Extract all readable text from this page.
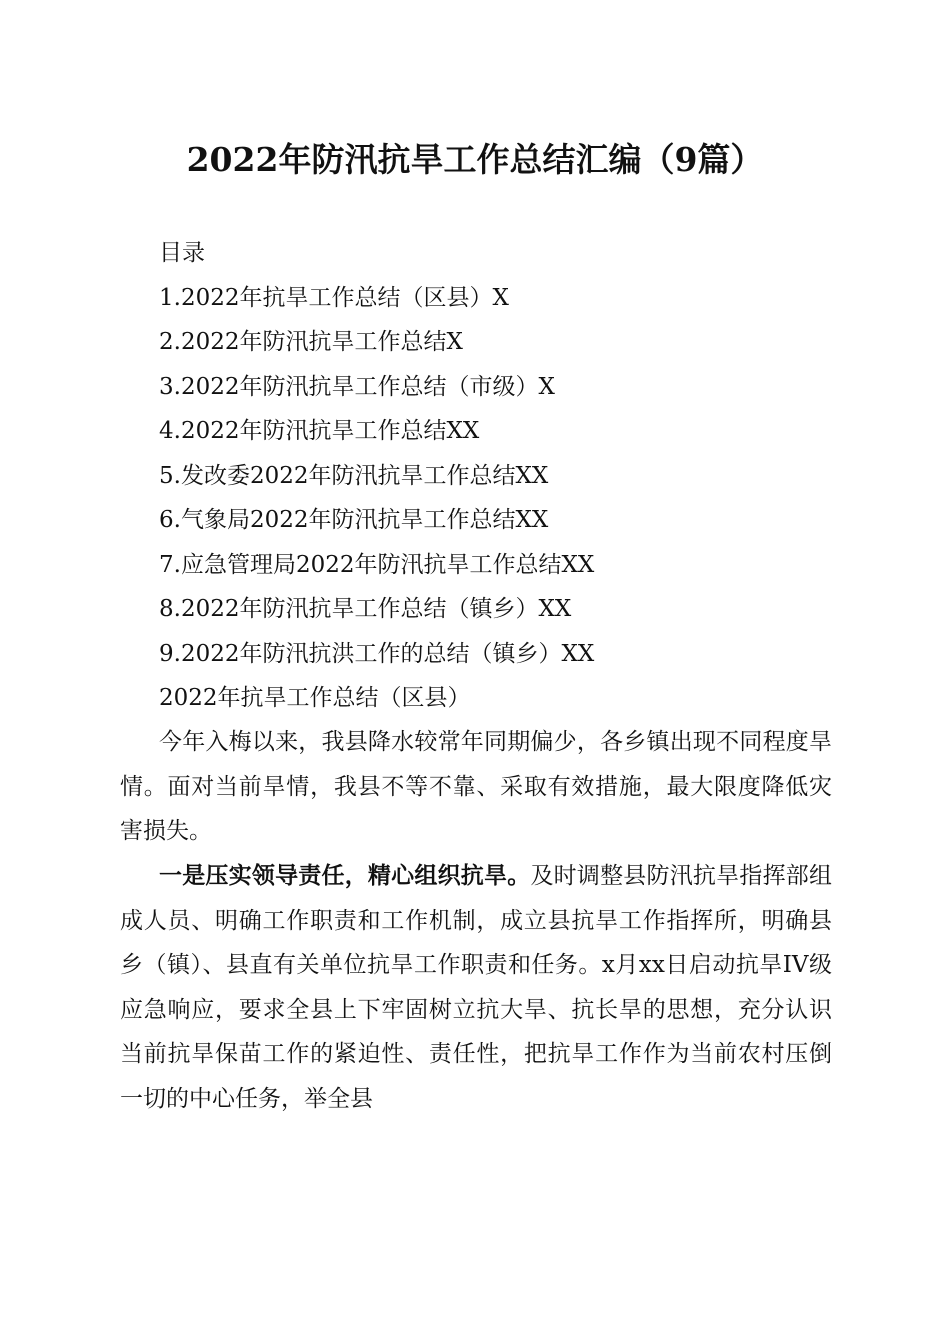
2022年防汛抗旱工作总结汇编（9篇）
目录
1.2022年抗旱工作总结（区县）X
2.2022年防汛抗旱工作总结X
3.2022年防汛抗旱工作总结（市级）X
4.2022年防汛抗旱工作总结XX
5.发改委2022年防汛抗旱工作总结XX
6.气象局2022年防汛抗旱工作总结XX
7.应急管理局2022年防汛抗旱工作总结XX
8.2022年防汛抗旱工作总结（镇乡）XX
9.2022年防汛抗洪工作的总结（镇乡）XX
2022年抗旱工作总结（区县）

今年入梅以来，我县降水较常年同期偏少，各乡镇出现不同程度旱情。面对当前旱情，我县不等不靠、采取有效措施，最大限度降低灾害损失。

一是压实领导责任，精心组织抗旱。及时调整县防汛抗旱指挥部组成人员、明确工作职责和工作机制，成立县抗旱工作指挥所，明确县乡（镇）、县直有关单位抗旱工作职责和任务。x月xx日启动抗旱IV级应急响应，要求全县上下牢固树立抗大旱、抗长旱的思想，充分认识当前抗旱保苗工作的紧迫性、责任性，把抗旱工作作为当前农村压倒一切的中心任务，举全县
